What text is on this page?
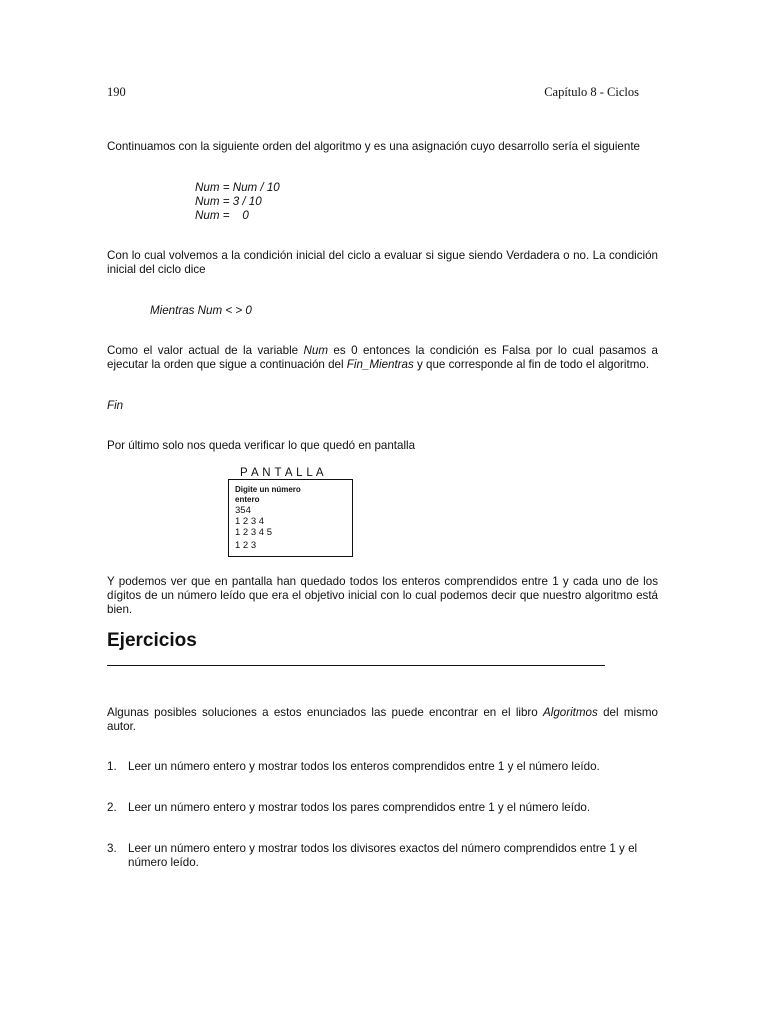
190	Capítulo 8 - Ciclos
Continuamos con la siguiente orden del algoritmo y es una asignación cuyo desarrollo sería el siguiente
Num = Num / 10
Num = 3 / 10
Num =    0
Con lo cual volvemos a la condición inicial del ciclo a evaluar si sigue siendo Verdadera o no. La condición inicial del ciclo dice
Mientras Num < > 0
Como el valor actual de la variable Num es 0 entonces la condición es Falsa por lo cual pasamos a ejecutar la orden que sigue a continuación del Fin_Mientras y que corresponde al fin de todo el algoritmo.
Fin
Por último solo nos queda verificar lo que quedó en pantalla
P A N T A L L A
Digite un número
entero
354
1 2 3 4
1 2 3 4 5
1 2 3
Y podemos ver que en pantalla han quedado todos los enteros comprendidos entre 1 y cada uno de los dígitos de un número leído que era el objetivo inicial con lo cual podemos decir que nuestro algoritmo está bien.
Ejercicios
Algunas posibles soluciones a estos enunciados las puede encontrar en el libro Algoritmos del mismo autor.
1. Leer un número entero y mostrar todos los enteros comprendidos entre 1 y el número leído.
2. Leer un número entero y mostrar todos los pares comprendidos entre 1 y el número leído.
3. Leer un número entero y mostrar todos los divisores exactos del número comprendidos entre 1 y el número leído.
